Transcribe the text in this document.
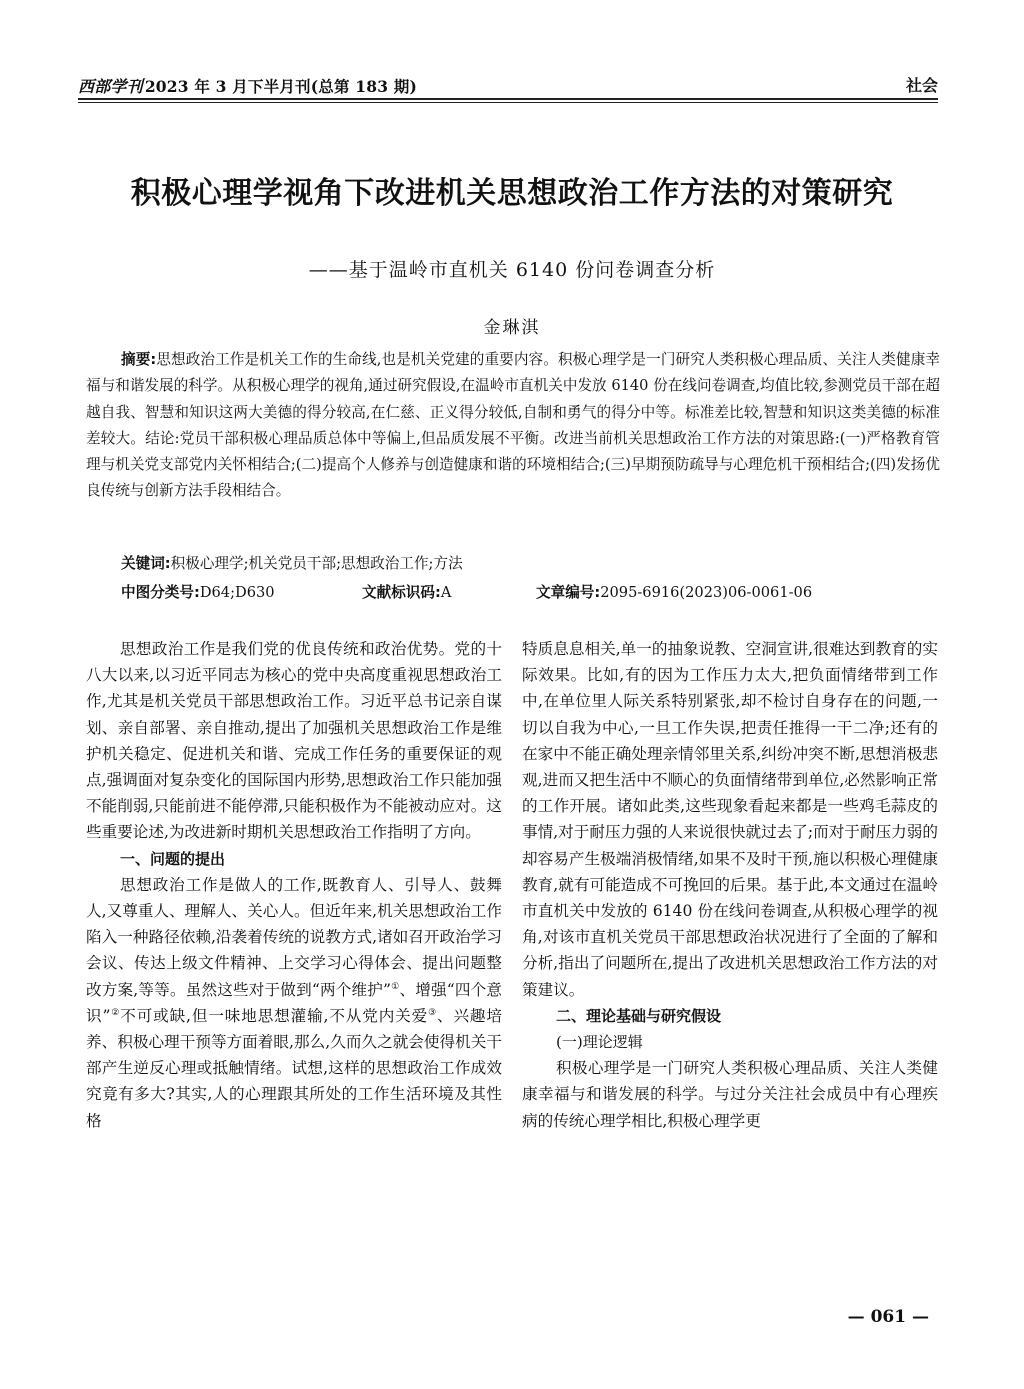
西部学刊 2023 年 3 月下半月刊(总第 183 期)	社会
积极心理学视角下改进机关思想政治工作方法的对策研究
——基于温岭市直机关 6140 份问卷调查分析
金琳淇
摘要:思想政治工作是机关工作的生命线,也是机关党建的重要内容。积极心理学是一门研究人类积极心理品质、关注人类健康幸福与和谐发展的科学。从积极心理学的视角,通过研究假设,在温岭市直机关中发放 6140 份在线问卷调查,均值比较,参测党员干部在超越自我、智慧和知识这两大美德的得分较高,在仁慈、正义得分较低,自制和勇气的得分中等。标准差比较,智慧和知识这类美德的标准差较大。结论:党员干部积极心理品质总体中等偏上,但品质发展不平衡。改进当前机关思想政治工作方法的对策思路:(一)严格教育管理与机关党支部党内关怀相结合;(二)提高个人修养与创造健康和谐的环境相结合;(三)早期预防疏导与心理危机干预相结合;(四)发扬优良传统与创新方法手段相结合。
关键词:积极心理学;机关党员干部;思想政治工作;方法
中图分类号:D64;D630	文献标识码:A	文章编号:2095-6916(2023)06-0061-06

思想政治工作是我们党的优良传统和政治优势。党的十八大以来,以习近平同志为核心的党中央高度重视思想政治工作,尤其是机关党员干部思想政治工作。习近平总书记亲自谋划、亲自部署、亲自推动,提出了加强机关思想政治工作是维护机关稳定、促进机关和谐、完成工作任务的重要保证的观点,强调面对复杂变化的国际国内形势,思想政治工作只能加强不能削弱,只能前进不能停滞,只能积极作为不能被动应对。这些重要论述,为改进新时期机关思想政治工作指明了方向。

一、问题的提出

思想政治工作是做人的工作,既教育人、引导人、鼓舞人,又尊重人、理解人、关心人。但近年来,机关思想政治工作陷入一种路径依赖,沿袭着传统的说教方式,诸如召开政治学习会议、传达上级文件精神、上交学习心得体会、提出问题整改方案,等等。虽然这些对于做到“两个维护”①、增强“四个意识”②不可或缺,但一味地思想灌输,不从党内关爱③、兴趣培养、积极心理干预等方面着眼,那么,久而久之就会使得机关干部产生逆反心理或抵触情绪。试想,这样的思想政治工作成效究竟有多大?其实,人的心理跟其所处的工作生活环境及其性格

特质息息相关,单一的抽象说教、空洞宣讲,很难达到教育的实际效果。比如,有的因为工作压力太大,把负面情绪带到工作中,在单位里人际关系特别紧张,却不检讨自身存在的问题,一切以自我为中心,一旦工作失误,把责任推得一干二净;还有的在家中不能正确处理亲情邻里关系,纠纷冲突不断,思想消极悲观,进而又把生活中不顺心的负面情绪带到单位,必然影响正常的工作开展。诸如此类,这些现象看起来都是一些鸡毛蒜皮的事情,对于耐压力强的人来说很快就过去了;而对于耐压力弱的却容易产生极端消极情绪,如果不及时干预,施以积极心理健康教育,就有可能造成不可挽回的后果。基于此,本文通过在温岭市直机关中发放的 6140 份在线问卷调查,从积极心理学的视角,对该市直机关党员干部思想政治状况进行了全面的了解和分析,指出了问题所在,提出了改进机关思想政治工作方法的对策建议。

二、理论基础与研究假设

(一)理论逻辑

积极心理学是一门研究人类积极心理品质、关注人类健康幸福与和谐发展的科学。与过分关注社会成员中有心理疾病的传统心理学相比,积极心理学更

— 061 —
